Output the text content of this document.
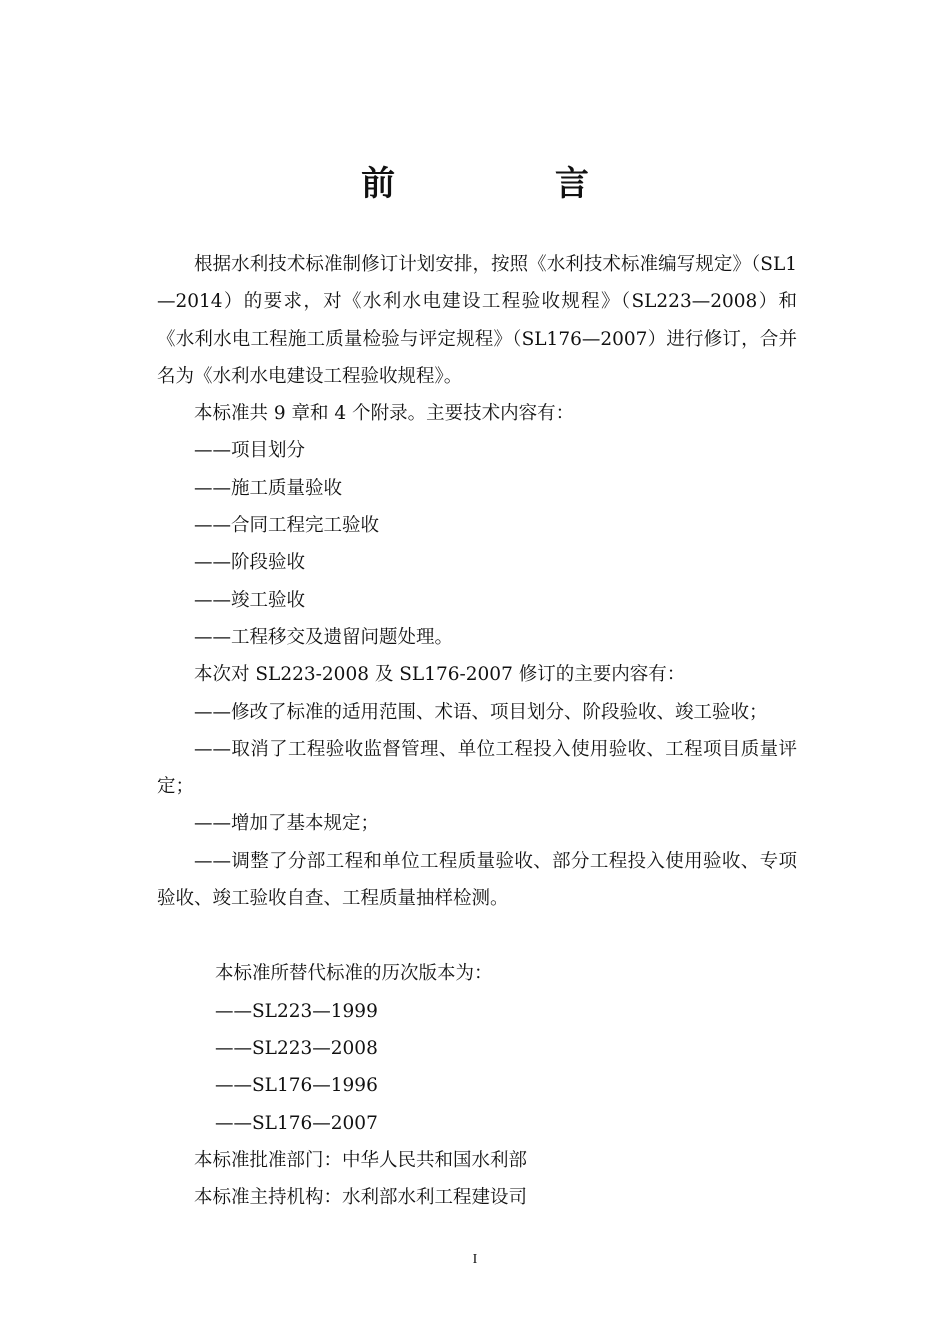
前 言

根据水利技术标准制修订计划安排，按照《水利技术标准编写规定》（SL1—2014）的要求，对《水利水电建设工程验收规程》（SL223—2008）和《水利水电工程施工质量检验与评定规程》（SL176—2007）进行修订，合并名为《水利水电建设工程验收规程》。

本标准共 9 章和 4 个附录。主要技术内容有：

——项目划分

——施工质量验收

——合同工程完工验收

——阶段验收

——竣工验收

——工程移交及遗留问题处理。

本次对 SL223-2008 及 SL176-2007 修订的主要内容有：

——修改了标准的适用范围、术语、项目划分、阶段验收、竣工验收；

——取消了工程验收监督管理、单位工程投入使用验收、工程项目质量评定；

——增加了基本规定；

——调整了分部工程和单位工程质量验收、部分工程投入使用验收、专项验收、竣工验收自查、工程质量抽样检测。

本标准所替代标准的历次版本为：

——SL223—1999

——SL223—2008

——SL176—1996

——SL176—2007

本标准批准部门：中华人民共和国水利部

本标准主持机构：水利部水利工程建设司

I
